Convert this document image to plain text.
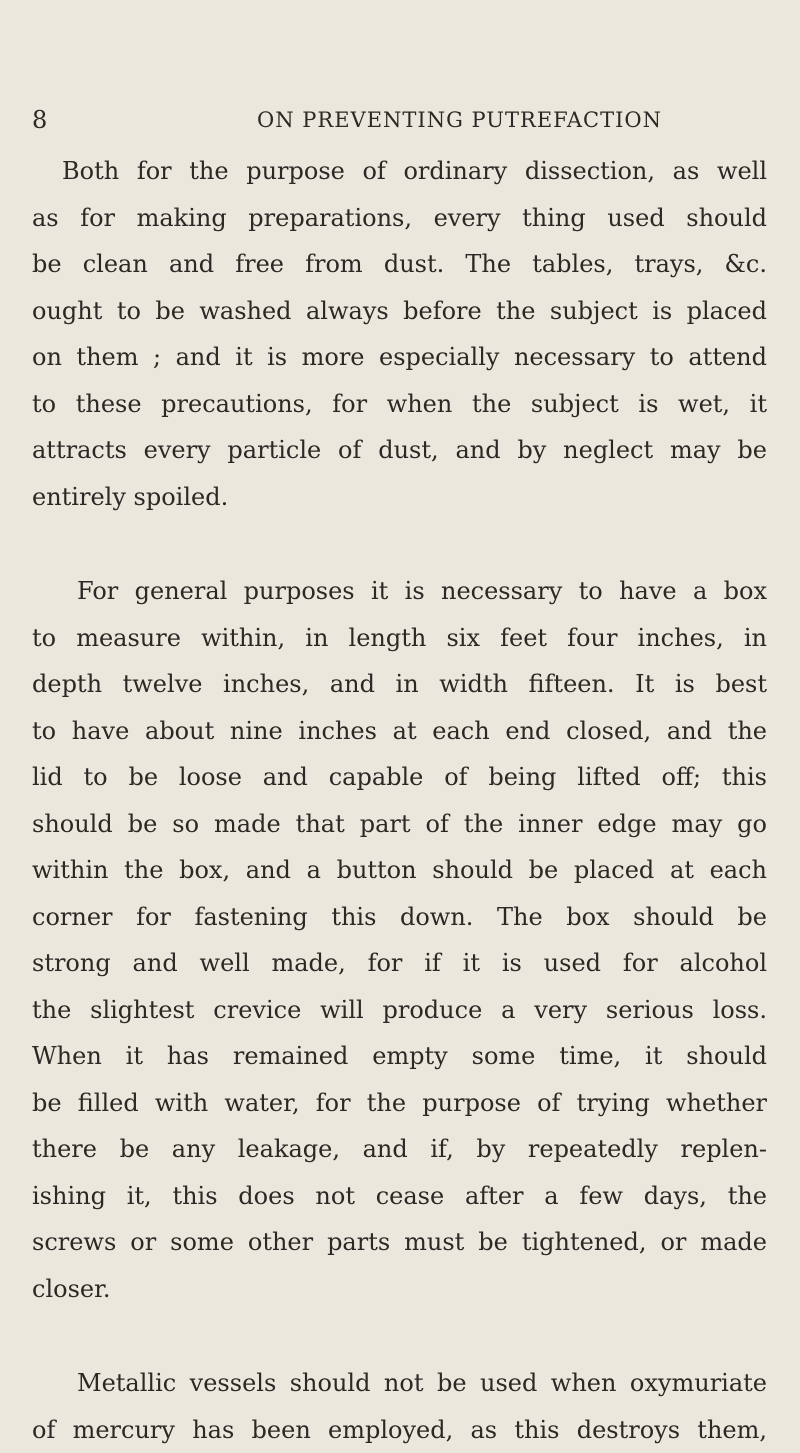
8	ON PREVENTING PUTREFACTION
Both for the purpose of ordinary dissection, as well
as for making preparations, every thing used should
be clean and free from dust. The tables, trays, &c.
ought to be washed always before the subject is placed
on them ; and it is more especially necessary to attend
to these precautions, for when the subject is wet, it
attracts every particle of dust, and by neglect may be
entirely spoiled.
For general purposes it is necessary to have a box
to measure within, in length six feet four inches, in
depth twelve inches, and in width fifteen. It is best
to have about nine inches at each end closed, and the
lid to be loose and capable of being lifted off; this
should be so made that part of the inner edge may go
within the box, and a button should be placed at each
corner for fastening this down. The box should be
strong and well made, for if it is used for alcohol
the slightest crevice will produce a very serious loss.
When it has remained empty some time, it should
be filled with water, for the purpose of trying whether
there be any leakage, and if, by repeatedly replen-
ishing it, this does not cease after a few days, the
screws or some other parts must be tightened, or made
closer.
Metallic vessels should not be used when oxymuriate
of mercury has been employed, as this destroys them,
